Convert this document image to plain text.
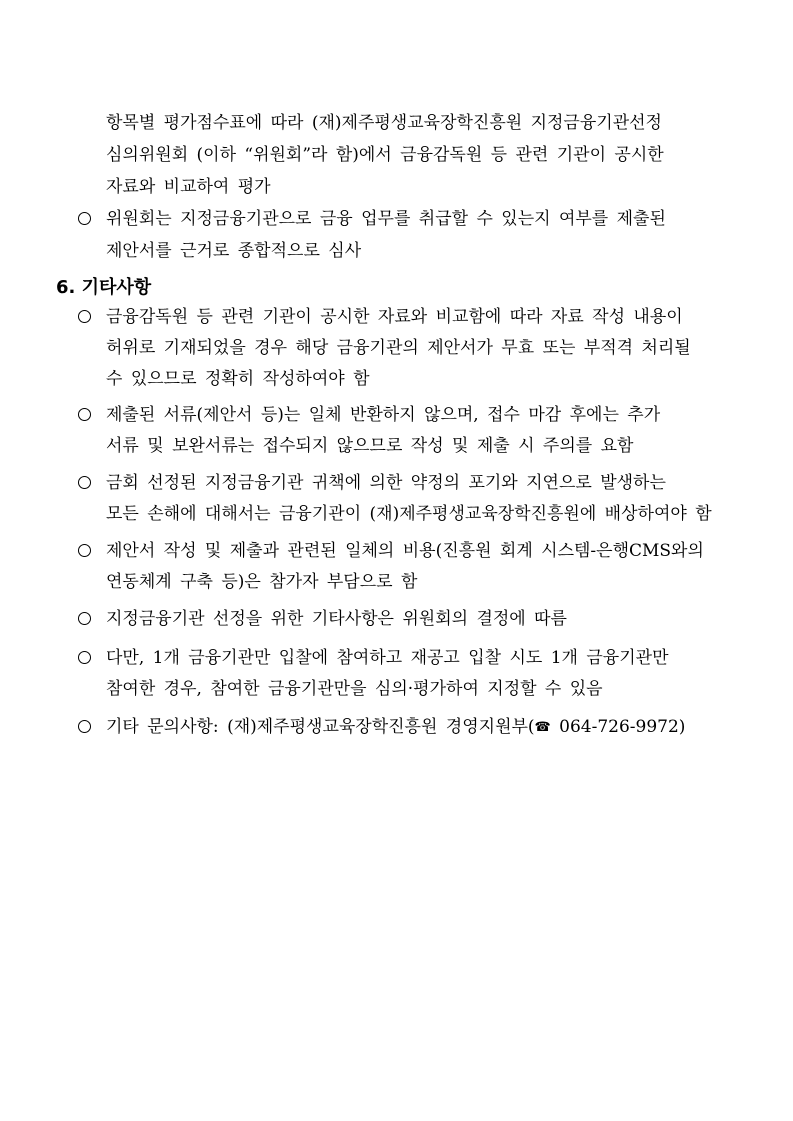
항목별 평가점수표에 따라 (재)제주평생교육장학진흥원 지정금융기관선정
심의위원회 (이하 “위원회”라 함)에서 금융감독원 등 관련 기관이 공시한
자료와 비교하여 평가
위원회는 지정금융기관으로 금융 업무를 취급할 수 있는지 여부를 제출된
제안서를 근거로 종합적으로 심사
6. 기타사항
금융감독원 등 관련 기관이 공시한 자료와 비교함에 따라 자료 작성 내용이
허위로 기재되었을 경우 해당 금융기관의 제안서가 무효 또는 부적격 처리될
수 있으므로 정확히 작성하여야 함
제출된 서류(제안서 등)는 일체 반환하지 않으며, 접수 마감 후에는 추가
서류 및 보완서류는 접수되지 않으므로 작성 및 제출 시 주의를 요함
금회 선정된 지정금융기관 귀책에 의한 약정의 포기와 지연으로 발생하는
모든 손해에 대해서는 금융기관이 (재)제주평생교육장학진흥원에 배상하여야 함
제안서 작성 및 제출과 관련된 일체의 비용(진흥원 회계 시스템-은행CMS와의
연동체계 구축 등)은 참가자 부담으로 함
지정금융기관 선정을 위한 기타사항은 위원회의 결정에 따름
다만, 1개 금융기관만 입찰에 참여하고 재공고 입찰 시도 1개 금융기관만
참여한 경우, 참여한 금융기관만을 심의·평가하여 지정할 수 있음
기타 문의사항: (재)제주평생교육장학진흥원 경영지원부(☎ 064-726-9972)
